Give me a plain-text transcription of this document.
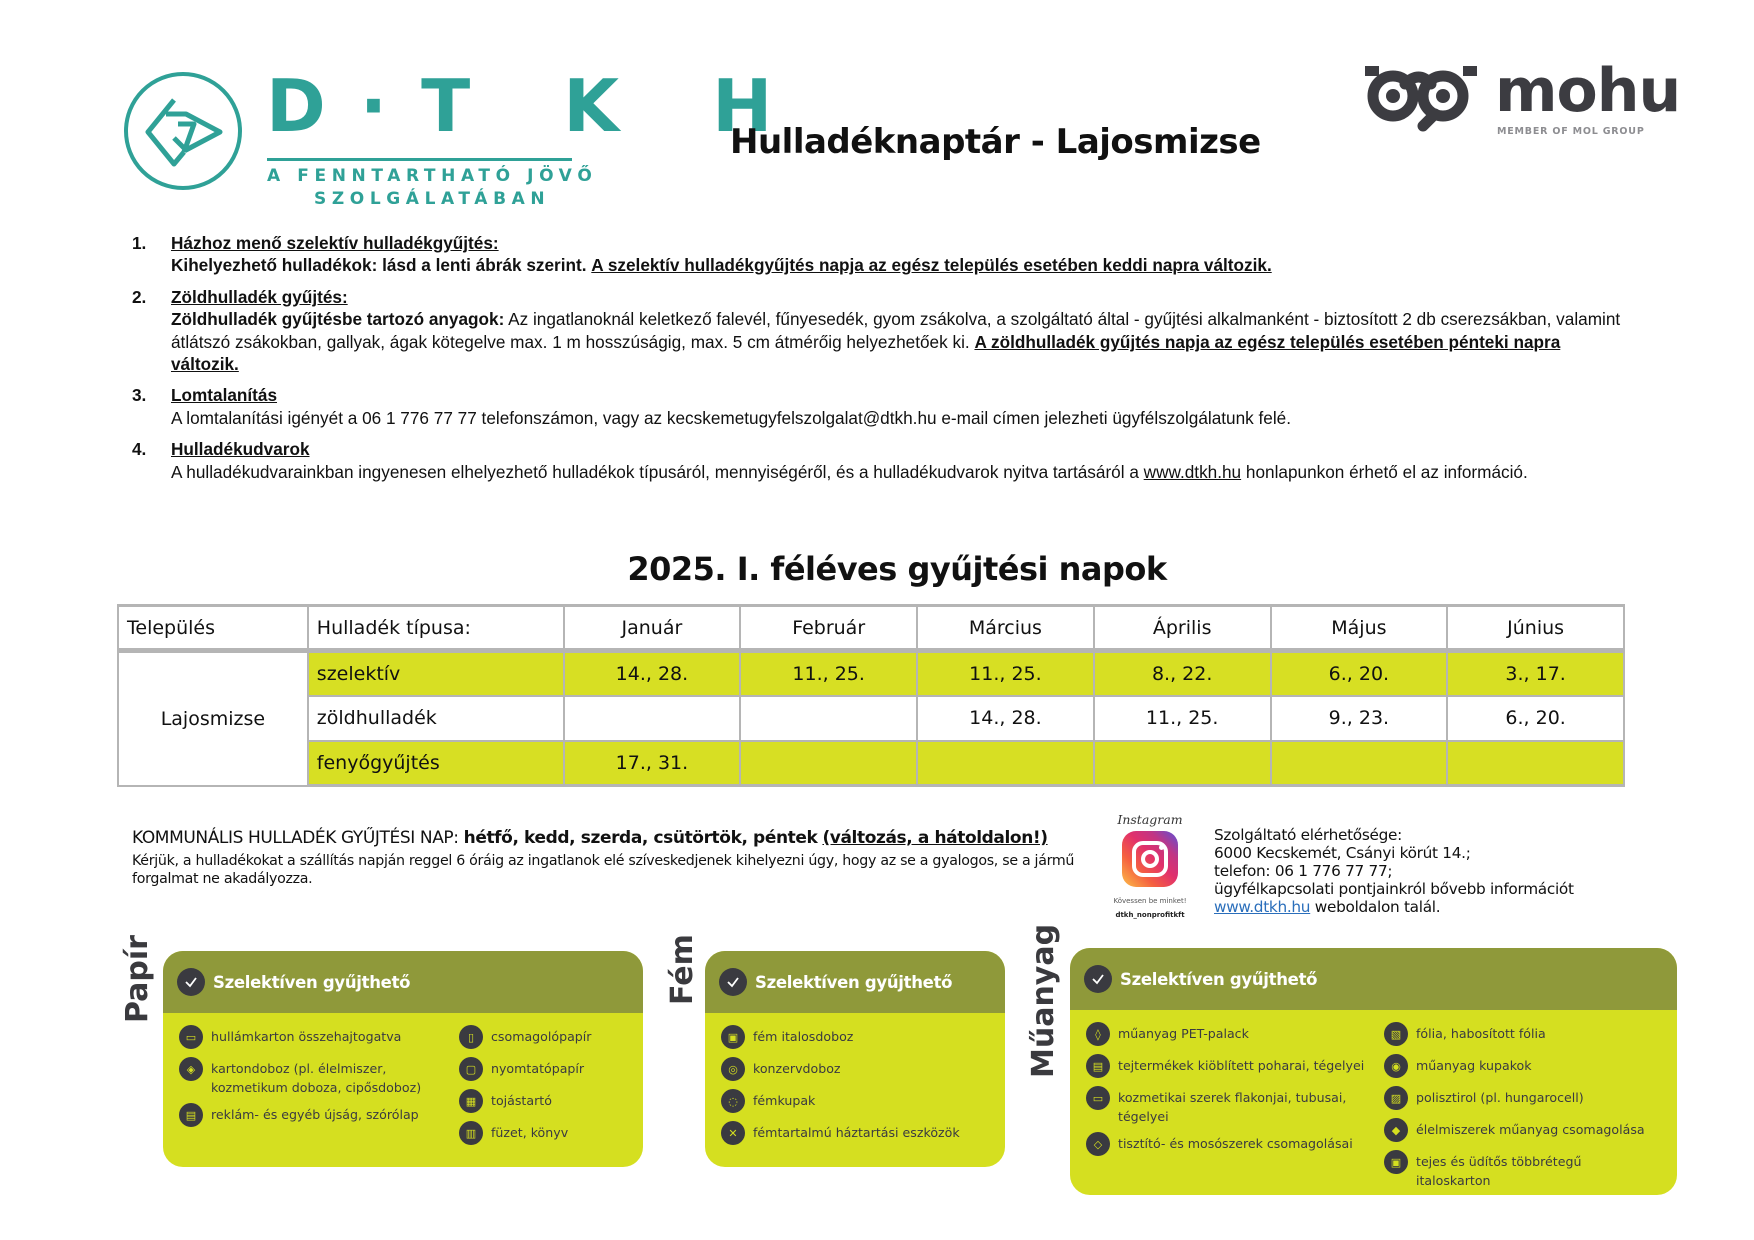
D·T K H
A FENNTARTHATÓ JÖVŐ
SZOLGÁLATÁBAN
mohu
MEMBER OF MOL GROUP
Hulladéknaptár - Lajosmizse
1. Házhoz menő szelektív hulladékgyűjtés:
Kihelyezhető hulladékok: lásd a lenti ábrák szerint. A szelektív hulladékgyűjtés napja az egész település esetében keddi napra változik.
2. Zöldhulladék gyűjtés:
Zöldhulladék gyűjtésbe tartozó anyagok: Az ingatlanoknál keletkező falevél, fűnyesedék, gyom zsákolva, a szolgáltató által - gyűjtési alkalmanként - biztosított 2 db cserezsákban, valamint átlátszó zsákokban, gallyak, ágak kötegelve max. 1 m hosszúságig, max. 5 cm átmérőig helyezhetőek ki. A zöldhulladék gyűjtés napja az egész település esetében pénteki napra változik.
3. Lomtalanítás
A lomtalanítási igényét a 06 1 776 77 77 telefonszámon, vagy az kecskemetugyfelszolgalat@dtkh.hu e-mail címen jelezheti ügyfélszolgálatunk felé.
4. Hulladékudvarok
A hulladékudvarainkban ingyenesen elhelyezhető hulladékok típusáról, mennyiségéről, és a hulladékudvarok nyitva tartásáról a www.dtkh.hu honlapunkon érhető el az információ.
2025. I. féléves gyűjtési napok
Település	Hulladék típusa:	Január	Február	Március	Április	Május	Június
Lajosmizse	szelektív	14., 28.	11., 25.	11., 25.	8., 22.	6., 20.	3., 17.
	zöldhulladék			14., 28.	11., 25.	9., 23.	6., 20.
	fenyőgyűjtés	17., 31.					
KOMMUNÁLIS HULLADÉK GYŰJTÉSI NAP: hétfő, kedd, szerda, csütörtök, péntek (változás, a hátoldalon!)
Kérjük, a hulladékokat a szállítás napján reggel 6 óráig az ingatlanok elé szíveskedjenek kihelyezni úgy, hogy az se a gyalogos, se a jármű forgalmat ne akadályozza.
Instagram
Kövessen be minket!
dtkh_nonprofitkft
Szolgáltató elérhetősége:
6000 Kecskemét, Csányi körút 14.;
telefon: 06 1 776 77 77;
ügyfélkapcsolati pontjainkról bővebb információt
www.dtkh.hu weboldalon talál.
Papír	Szelektíven gyűjthető
▭	hullámkarton összehajtogatva
◈	kartondoboz (pl. élelmiszer, kozmetikum doboza, cipősdoboz)
▤	reklám- és egyéb újság, szórólap
▯	csomagolópapír
▢	nyomtatópapír
▦	tojástartó
▥	füzet, könyv
Fém	Szelektíven gyűjthető
▣	fém italosdoboz
◎	konzervdoboz
◌	fémkupak
✕	fémtartalmú háztartási eszközök
Műanyag	Szelektíven gyűjthető
◊	műanyag PET-palack
▤	tejtermékek kiöblített poharai, tégelyei
▭	kozmetikai szerek flakonjai, tubusai, tégelyei
◇	tisztító- és mosószerek csomagolásai
▧	fólia, habosított fólia
◉	műanyag kupakok
▨	polisztirol (pl. hungarocell)
◆	élelmiszerek műanyag csomagolása
▣	tejes és üdítős többrétegű italoskarton
